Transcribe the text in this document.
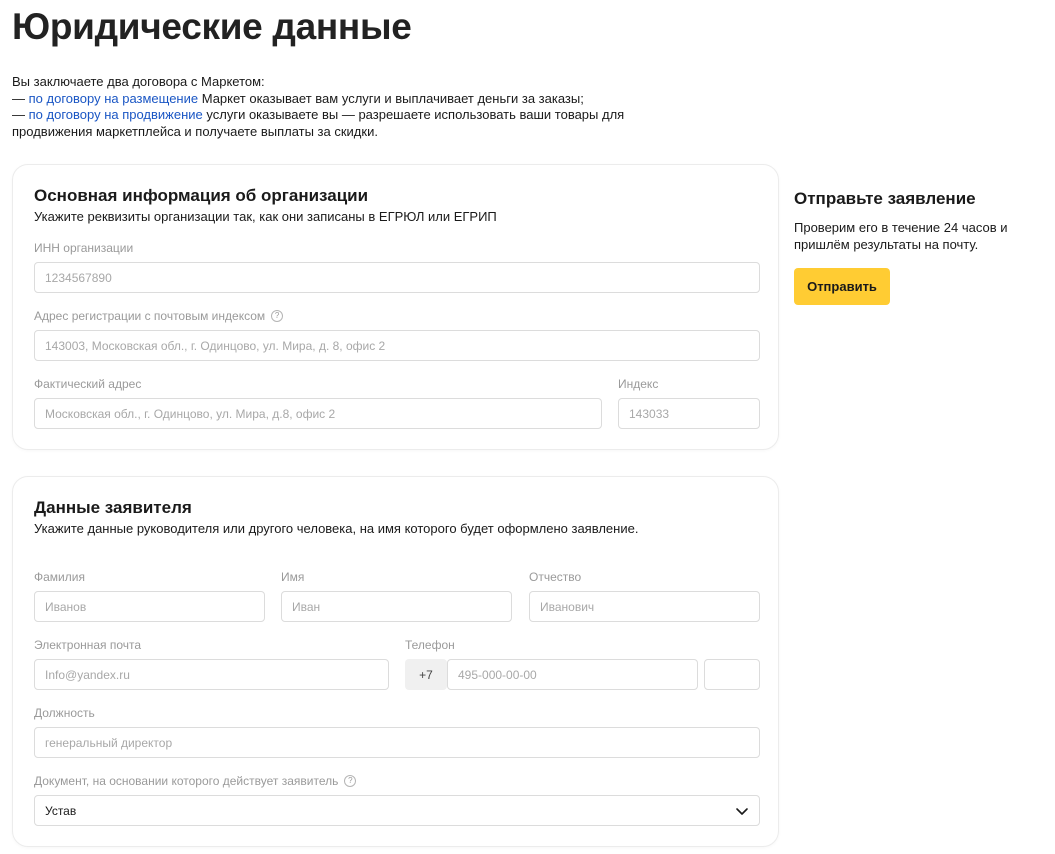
Юридические данные
Вы заключаете два договора с Маркетом:
— по договору на размещение Маркет оказывает вам услуги и выплачивает деньги за заказы;
— по договору на продвижение услуги оказываете вы — разрешаете использовать ваши товары для продвижения маркетплейса и получаете выплаты за скидки.
Основная информация об организации
Укажите реквизиты организации так, как они записаны в ЕГРЮЛ или ЕГРИП
ИНН организации
1234567890
Адрес регистрации с почтовым индексом	?
143003, Московская обл., г. Одинцово, ул. Мира, д. 8, офис 2
Фактический адрес
Московская обл., г. Одинцово, ул. Мира, д.8, офис 2
Индекс
143033
Данные заявителя
Укажите данные руководителя или другого человека, на имя которого будет оформлено заявление.
Фамилия
Иванов
Имя
Иван
Отчество
Иванович
Электронная почта
Info@yandex.ru
Телефон
+7	495-000-00-00
Должность
генеральный директор
Документ, на основании которого действует заявитель	?
Устав
Отправьте заявление
Проверим его в течение 24 часов и пришлём результаты на почту.
Отправить
